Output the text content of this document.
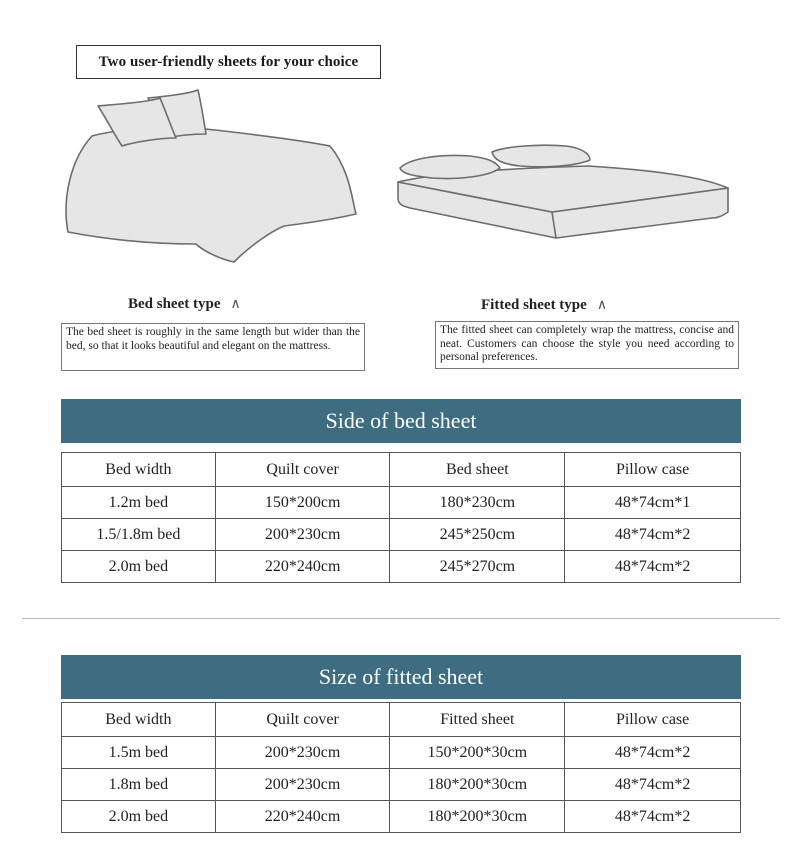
Two user-friendly sheets for your choice
Bed sheet type ∧	Fitted sheet type ∧
The bed sheet is roughly in the same length but wider than the bed, so that it looks beautiful and elegant on the mattress.
The fitted sheet can completely wrap the mattress, concise and neat. Customers can choose the style you need according to personal preferences.
Side of bed sheet
Bed width	Quilt cover	Bed sheet	Pillow case
1.2m bed	150*200cm	180*230cm	48*74cm*1
1.5/1.8m bed	200*230cm	245*250cm	48*74cm*2
2.0m bed	220*240cm	245*270cm	48*74cm*2
Size of fitted sheet
Bed width	Quilt cover	Fitted sheet	Pillow case
1.5m bed	200*230cm	150*200*30cm	48*74cm*2
1.8m bed	200*230cm	180*200*30cm	48*74cm*2
2.0m bed	220*240cm	180*200*30cm	48*74cm*2
